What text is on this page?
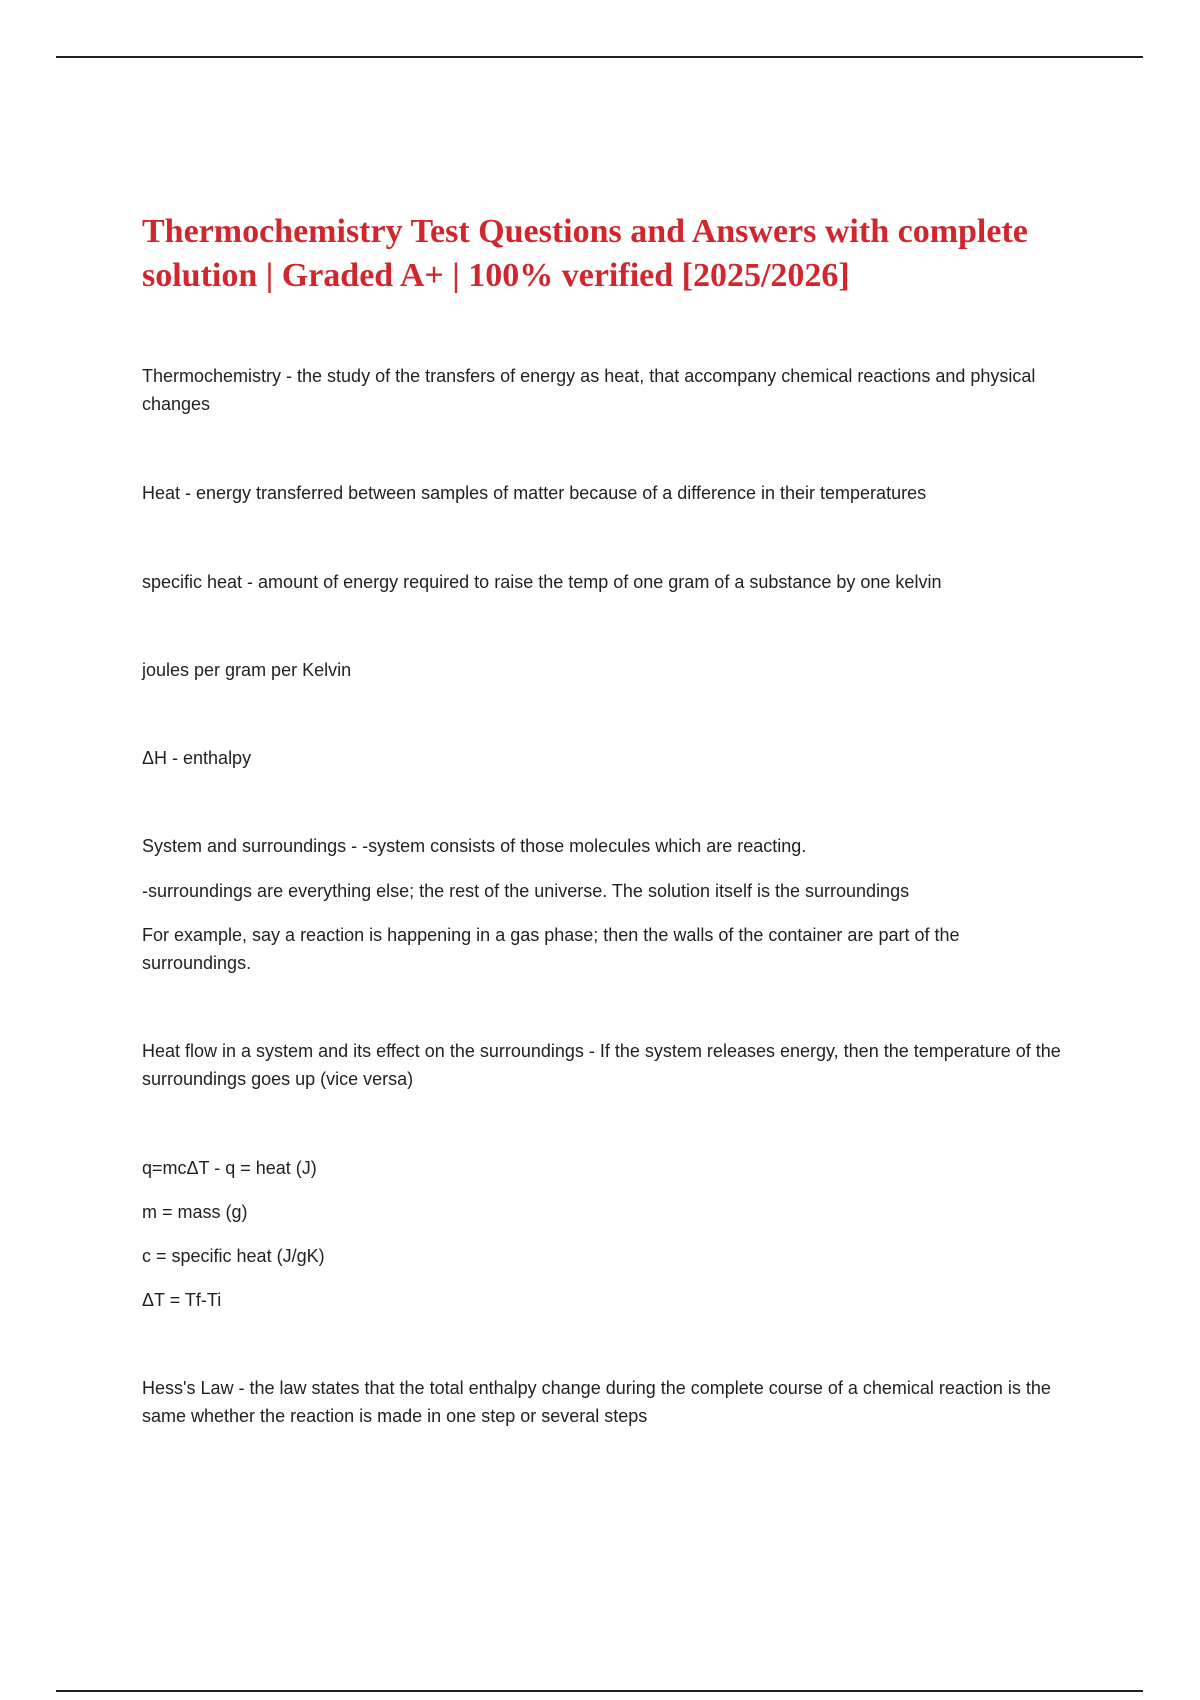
Thermochemistry Test Questions and Answers with complete solution | Graded A+ | 100% verified [2025/2026]

Thermochemistry - the study of the transfers of energy as heat, that accompany chemical reactions and physical changes

Heat - energy transferred between samples of matter because of a difference in their temperatures

specific heat - amount of energy required to raise the temp of one gram of a substance by one kelvin

joules per gram per Kelvin

ΔH - enthalpy

System and surroundings - -system consists of those molecules which are reacting.

-surroundings are everything else; the rest of the universe. The solution itself is the surroundings

For example, say a reaction is happening in a gas phase; then the walls of the container are part of the surroundings.

Heat flow in a system and its effect on the surroundings - If the system releases energy, then the temperature of the surroundings goes up (vice versa)

q=mcΔT - q = heat (J)

m = mass (g)

c = specific heat (J/gK)

ΔT = Tf-Ti

Hess's Law - the law states that the total enthalpy change during the complete course of a chemical reaction is the same whether the reaction is made in one step or several steps
